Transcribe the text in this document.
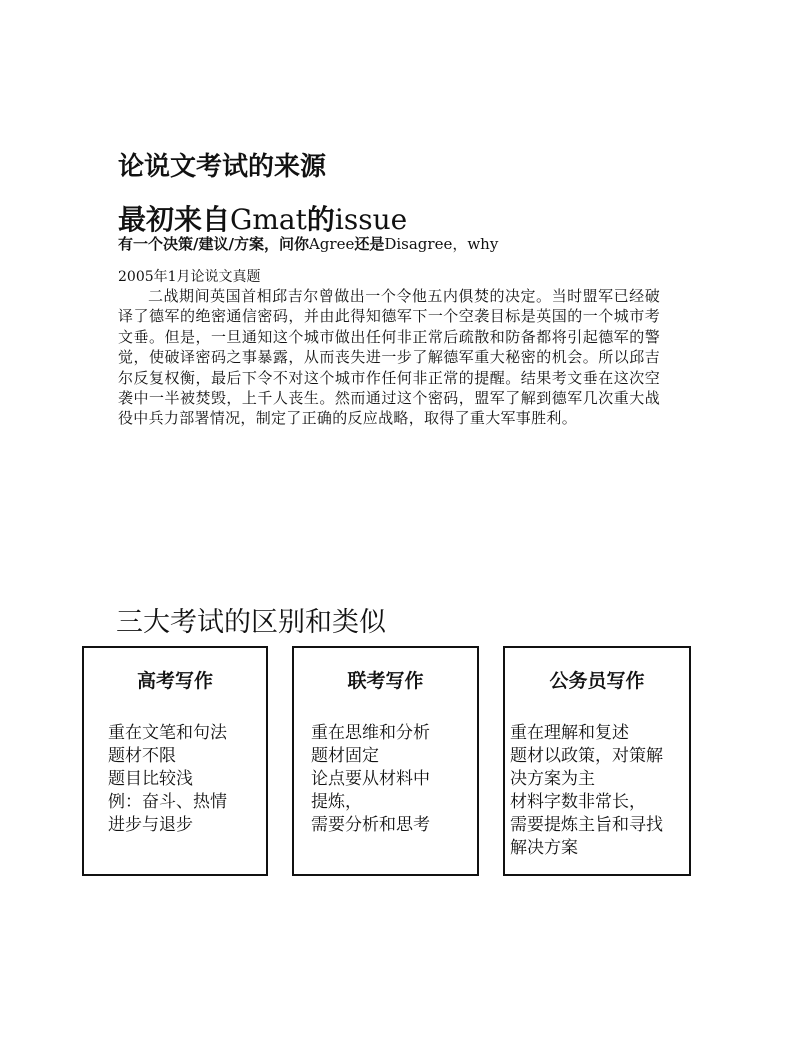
论说文考试的来源
最初来自Gmat的issue
有一个决策/建议/方案，问你Agree还是Disagree，why
2005年1月论说文真题
二战期间英国首相邱吉尔曾做出一个令他五内俱焚的决定。当时盟军已经破译了德军的绝密通信密码，并由此得知德军下一个空袭目标是英国的一个城市考文垂。但是，一旦通知这个城市做出任何非正常后疏散和防备都将引起德军的警觉，使破译密码之事暴露，从而丧失进一步了解德军重大秘密的机会。所以邱吉尔反复权衡，最后下令不对这个城市作任何非正常的提醒。结果考文垂在这次空袭中一半被焚毁，上千人丧生。然而通过这个密码，盟军了解到德军几次重大战役中兵力部署情况，制定了正确的反应战略，取得了重大军事胜利。
三大考试的区别和类似
高考写作
重在文笔和句法
题材不限
题目比较浅
例：奋斗、热情
进步与退步
联考写作
重在思维和分析
题材固定
论点要从材料中
提炼，
需要分析和思考
公务员写作
重在理解和复述
题材以政策，对策解
决方案为主
材料字数非常长，
需要提炼主旨和寻找
解决方案
